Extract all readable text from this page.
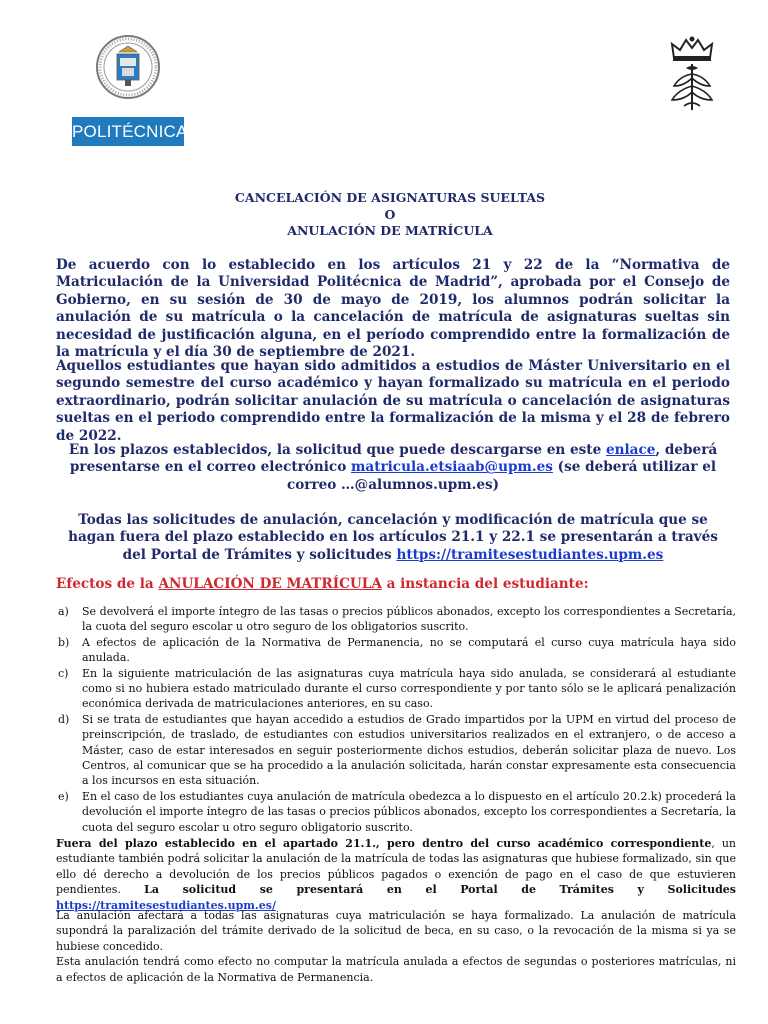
POLITÉCNICA
CANCELACIÓN DE ASIGNATURAS SUELTAS
O
ANULACIÓN DE MATRÍCULA
De acuerdo con lo establecido en los artículos 21 y 22 de la “Normativa de Matriculación de la Universidad Politécnica de Madrid”, aprobada por el Consejo de Gobierno, en su sesión de 30 de mayo de 2019, los alumnos podrán solicitar la anulación de su matrícula o la cancelación de matrícula de asignaturas sueltas sin necesidad de justificación alguna, en el período comprendido entre la formalización de la matrícula y el día 30 de septiembre de 2021.
Aquellos estudiantes que hayan sido admitidos a estudios de Máster Universitario en el segundo semestre del curso académico y hayan formalizado su matrícula en el periodo extraordinario, podrán solicitar anulación de su matrícula o cancelación de asignaturas sueltas en el periodo comprendido entre la formalización de la misma y el 28 de febrero de 2022.
En los plazos establecidos, la solicitud que puede descargarse en este enlace, deberá presentarse en el correo electrónico matricula.etsiaab@upm.es (se deberá utilizar el correo …@alumnos.upm.es)
Todas las solicitudes de anulación, cancelación y modificación de matrícula que se hagan fuera del plazo establecido en los artículos 21.1 y 22.1 se presentarán a través del Portal de Trámites y solicitudes https://tramitesestudiantes.upm.es
Efectos de la ANULACIÓN DE MATRÍCULA a instancia del estudiante:
a) Se devolverá el importe íntegro de las tasas o precios públicos abonados, excepto los correspondientes a Secretaría, la cuota del seguro escolar u otro seguro de los obligatorios suscrito.
b) A efectos de aplicación de la Normativa de Permanencia, no se computará el curso cuya matrícula haya sido anulada.
c) En la siguiente matriculación de las asignaturas cuya matrícula haya sido anulada, se considerará al estudiante como si no hubiera estado matriculado durante el curso correspondiente y por tanto sólo se le aplicará penalización económica derivada de matriculaciones anteriores, en su caso.
d) Si se trata de estudiantes que hayan accedido a estudios de Grado impartidos por la UPM en virtud del proceso de preinscripción, de traslado, de estudiantes con estudios universitarios realizados en el extranjero, o de acceso a Máster, caso de estar interesados en seguir posteriormente dichos estudios, deberán solicitar plaza de nuevo. Los Centros, al comunicar que se ha procedido a la anulación solicitada, harán constar expresamente esta consecuencia a los incursos en esta situación.
e) En el caso de los estudiantes cuya anulación de matrícula obedezca a lo dispuesto en el artículo 20.2.k) procederá la devolución el importe íntegro de las tasas o precios públicos abonados, excepto los correspondientes a Secretaría, la cuota del seguro escolar u otro seguro obligatorio suscrito.
Fuera del plazo establecido en el apartado 21.1., pero dentro del curso académico correspondiente, un estudiante también podrá solicitar la anulación de la matrícula de todas las asignaturas que hubiese formalizado, sin que ello dé derecho a devolución de los precios públicos pagados o exención de pago en el caso de que estuvieren pendientes. La solicitud se presentará en el Portal de Trámites y Solicitudes https://tramitesestudiantes.upm.es/
La anulación afectará a todas las asignaturas cuya matriculación se haya formalizado. La anulación de matrícula supondrá la paralización del trámite derivado de la solicitud de beca, en su caso, o la revocación de la misma si ya se hubiese concedido.
Esta anulación tendrá como efecto no computar la matrícula anulada a efectos de segundas o posteriores matrículas, ni a efectos de aplicación de la Normativa de Permanencia.
